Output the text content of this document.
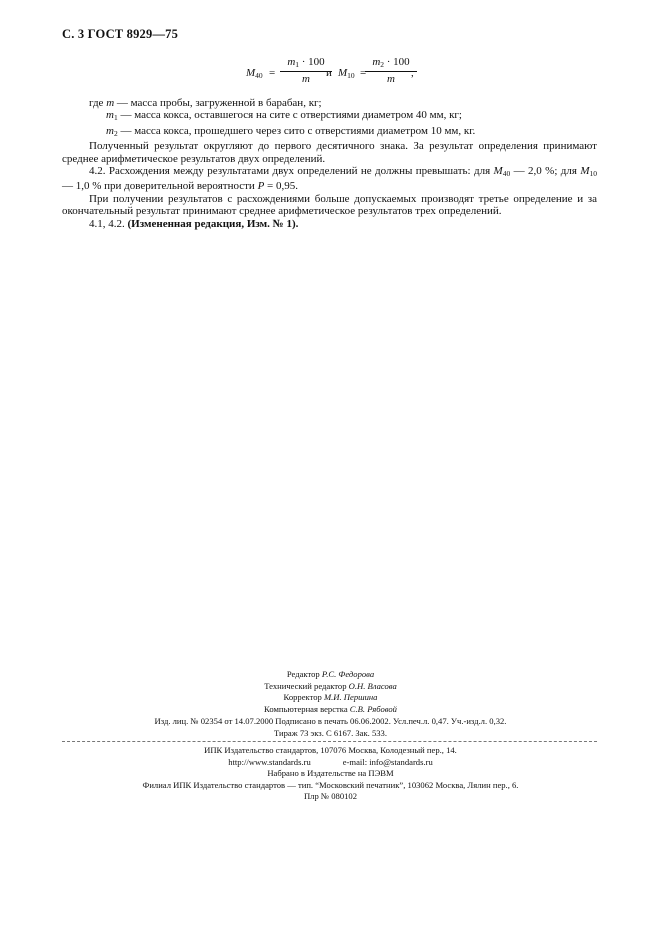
С. 3 ГОСТ 8929—75
$M_{40}$ =
$m_1 \cdot 100$
m	и $M_{10}$ =
$m_2 \cdot 100$
m	,

где m — масса пробы, загруженной в барабан, кг;

$m_1$ — масса кокса, оставшегося на сите с отверстиями диаметром 40 мм, кг;

$m_2$ — масса кокса, прошедшего через сито с отверстиями диаметром 10 мм, кг.

Полученный результат округляют до первого десятичного знака. За результат определения принимают среднее арифметическое результатов двух определений.

4.2. Расхождения между результатами двух определений не должны превышать: для $M_{40}$ — 2,0 %; для $M_{10}$ — 1,0 % при доверительной вероятности P = 0,95.

При получении результатов с расхождениями больше допускаемых производят третье определение и за окончательный результат принимают среднее арифметическое результатов трех определений.

4.1, 4.2. (Измененная редакция, Изм. № 1).

Редактор Р.С. Федорова
Технический редактор О.Н. Власова
Корректор М.И. Першина
Компьютерная верстка С.В. Рябовой
Изд. лиц. № 02354 от 14.07.2000 Подписано в печать 06.06.2002. Усл.печ.л. 0,47. Уч.-изд.л. 0,32.
Тираж 73 экз. С 6167. Зак. 533.
ИПК Издательство стандартов, 107076 Москва, Колодезный пер., 14.
http://www.standards.ru	e-mail: info@standards.ru
Набрано в Издательстве на ПЭВМ
Филиал ИПК Издательство стандартов — тип. “Московский печатник”, 103062 Москва, Лялин пер., 6.
Плр № 080102
